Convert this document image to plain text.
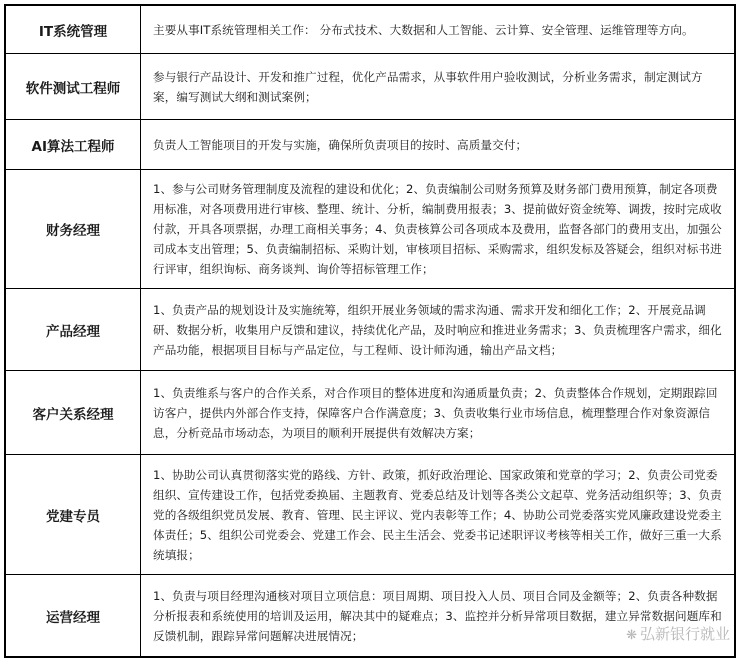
IT系统管理	主要从事IT系统管理相关工作： 分布式技术、大数据和人工智能、云计算、安全管理、运维管理等方向。
软件测试工程师	参与银行产品设计、开发和推广过程，优化产品需求，从事软件用户验收测试，分析业务需求，制定测试方案，编写测试大纲和测试案例；
AI算法工程师	负责人工智能项目的开发与实施，确保所负责项目的按时、高质量交付；
财务经理	1、参与公司财务管理制度及流程的建设和优化；2、负责编制公司财务预算及财务部门费用预算，制定各项费用标准，对各项费用进行审核、整理、统计、分析，编制费用报表；3、提前做好资金统筹、调拨，按时完成收付款，开具各项票据，办理工商相关事务；4、负责核算公司各项成本及费用，监督各部门的费用支出，加强公司成本支出管理；5、负责编制招标、采购计划，审核项目招标、采购需求，组织发标及答疑会，组织对标书进行评审，组织询标、商务谈判、询价等招标管理工作；
产品经理	1、负责产品的规划设计及实施统筹，组织开展业务领域的需求沟通、需求开发和细化工作；2、开展竞品调研、数据分析，收集用户反馈和建议，持续优化产品，及时响应和推进业务需求；3、负责梳理客户需求，细化产品功能，根据项目目标与产品定位，与工程师、设计师沟通，输出产品文档；
客户关系经理	1、负责维系与客户的合作关系，对合作项目的整体进度和沟通质量负责；2、负责整体合作规划，定期跟踪回访客户，提供内外部合作支持，保障客户合作满意度；3、负责收集行业市场信息，梳理整理合作对象资源信息，分析竞品市场动态，为项目的顺利开展提供有效解决方案；
党建专员	1、协助公司认真贯彻落实党的路线、方针、政策，抓好政治理论、国家政策和党章的学习；2、负责公司党委组织、宣传建设工作，包括党委换届、主题教育、党委总结及计划等各类公文起草、党务活动组织等；3、负责党的各级组织党员发展、教育、管理、民主评议、党内表彰等工作；4、协助公司党委落实党风廉政建设党委主体责任；5、组织公司党委会、党建工作会、民主生活会、党委书记述职评议考核等相关工作，做好三重一大系统填报；
运营经理	1、负责与项目经理沟通核对项目立项信息：项目周期、项目投入人员、项目合同及金额等；2、负责各种数据分析报表和系统使用的培训及运用，解决其中的疑难点；3、监控并分析异常项目数据，建立异常数据问题库和反馈机制，跟踪异常问题解决进展情况；	❋ 弘新银行就业
